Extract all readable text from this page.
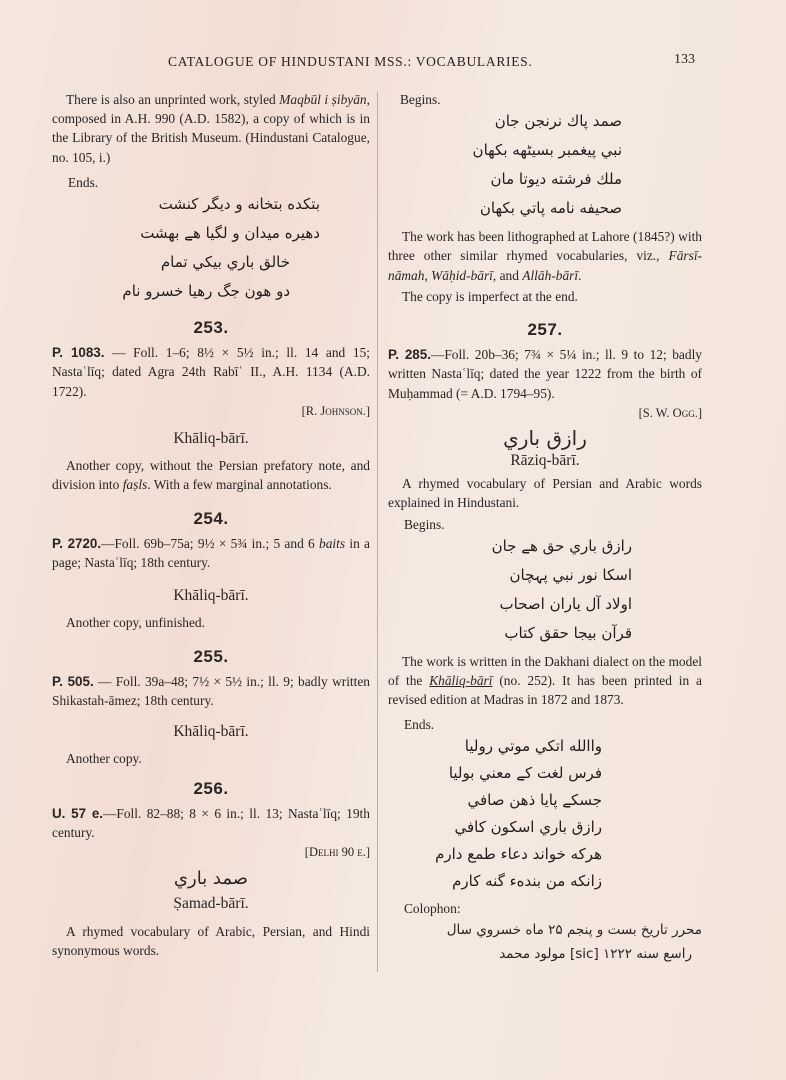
CATALOGUE OF HINDUSTANI MSS.: VOCABULARIES.	133

There is also an unprinted work, styled Maqbūl i ṣibyān, composed in A.H. 990 (A.D. 1582), a copy of which is in the Library of the British Museum. (Hindustani Catalogue, no. 105, i.)

Ends.
بتكده بتخانه و ديگر كنشت
دهيره ميدان و لگيا هے بهشت
خالق باري بيكي تمام
دو هون جگ رهيا خسرو نام
253.

P. 1083. — Foll. 1–6; 8½ × 5½ in.; ll. 14 and 15; Nastaʿlīq; dated Agra 24th Rabīʿ II., A.H. 1134 (A.D. 1722).

[R. Johnson.]
Khāliq-bārī.

Another copy, without the Persian prefatory note, and division into faṣls. With a few marginal annotations.

254.

P. 2720.—Foll. 69b–75a; 9½ × 5¾ in.; 5 and 6 baits in a page; Nastaʿlīq; 18th century.

Khāliq-bārī.

Another copy, unfinished.

255.

P. 505. — Foll. 39a–48; 7½ × 5½ in.; ll. 9; badly written Shikastah-āmez; 18th century.

Khāliq-bārī.

Another copy.

256.

U. 57 e.—Foll. 82–88; 8 × 6 in.; ll. 13; Nastaʿlīq; 19th century.

[Delhi 90 e.]
صمد باري
Ṣamad-bārī.

A rhymed vocabulary of Arabic, Persian, and Hindi synonymous words.

Begins.
صمد پاك نرنجن جان
نبي پيغمبر بسيٹهه بكهان
ملك فرشته ديوتا مان
صحيفه نامه پاتي بكهان

The work has been lithographed at Lahore (1845?) with three other similar rhymed vocabularies, viz., Fārsī-nāmah, Wāḥid-bārī, and Allāh-bārī.

The copy is imperfect at the end.

257.

P. 285.—Foll. 20b–36; 7¾ × 5¼ in.; ll. 9 to 12; badly written Nastaʿlīq; dated the year 1222 from the birth of Muḥammad (= A.D. 1794–95).

[S. W. Ogg.]
رازق باري
Rāziq-bārī.

A rhymed vocabulary of Persian and Arabic words explained in Hindustani.

Begins.
رازق باري حق هے جان
اسكا نور نبي پہچان
اولاد آل ياران اصحاب
قرآن بيجا حقق كتاب

The work is written in the Dakhani dialect on the model of the Khāliq-bārī (no. 252). It has been printed in a revised edition at Madras in 1872 and 1873.

Ends.
واالله اتكي موتي روليا
فرس لغت كے معني بوليا
جسكے پايا ذهن صافي
رازق باري اسكون كافي
هركه خواند دعاء طمع دارم
زانكه من بندهء گنه كارم
Colophon:
محرر تاريخ بست و پنجم ۲۵ ماه خسروي سال
راسع سنه ۱۲۲۲ [sic] مولود محمد
